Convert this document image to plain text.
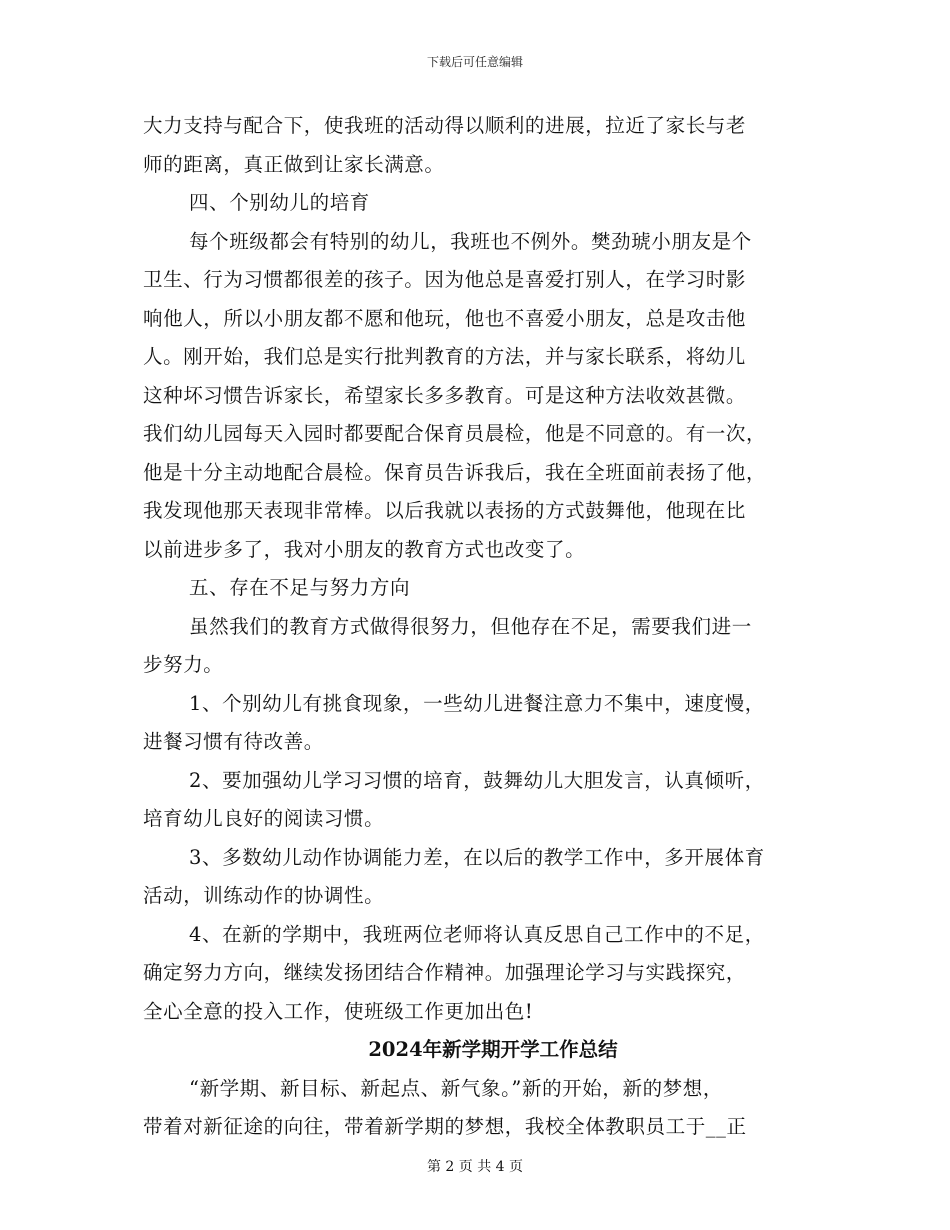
下载后可任意编辑
大力支持与配合下，使我班的活动得以顺利的进展，拉近了家长与老
师的距离，真正做到让家长满意。
四、个别幼儿的培育
每个班级都会有特别的幼儿，我班也不例外。樊劲琥小朋友是个
卫生、行为习惯都很差的孩子。因为他总是喜爱打别人，在学习时影
响他人，所以小朋友都不愿和他玩，他也不喜爱小朋友，总是攻击他
人。刚开始，我们总是实行批判教育的方法，并与家长联系，将幼儿
这种坏习惯告诉家长，希望家长多多教育。可是这种方法收效甚微。
我们幼儿园每天入园时都要配合保育员晨检，他是不同意的。有一次，
他是十分主动地配合晨检。保育员告诉我后，我在全班面前表扬了他，
我发现他那天表现非常棒。以后我就以表扬的方式鼓舞他，他现在比
以前进步多了，我对小朋友的教育方式也改变了。
五、存在不足与努力方向
虽然我们的教育方式做得很努力，但他存在不足，需要我们进一
步努力。
1、个别幼儿有挑食现象，一些幼儿进餐注意力不集中，速度慢，
进餐习惯有待改善。
2、要加强幼儿学习习惯的培育，鼓舞幼儿大胆发言，认真倾听，
培育幼儿良好的阅读习惯。
3、多数幼儿动作协调能力差，在以后的教学工作中，多开展体育
活动，训练动作的协调性。
4、在新的学期中，我班两位老师将认真反思自己工作中的不足，
确定努力方向，继续发扬团结合作精神。加强理论学习与实践探究，
全心全意的投入工作，使班级工作更加出色!
2024年新学期开学工作总结
“新学期、新目标、新起点、新气象。”新的开始，新的梦想，
带着对新征途的向往，带着新学期的梦想，我校全体教职员工于__正
第 2 页 共 4 页
